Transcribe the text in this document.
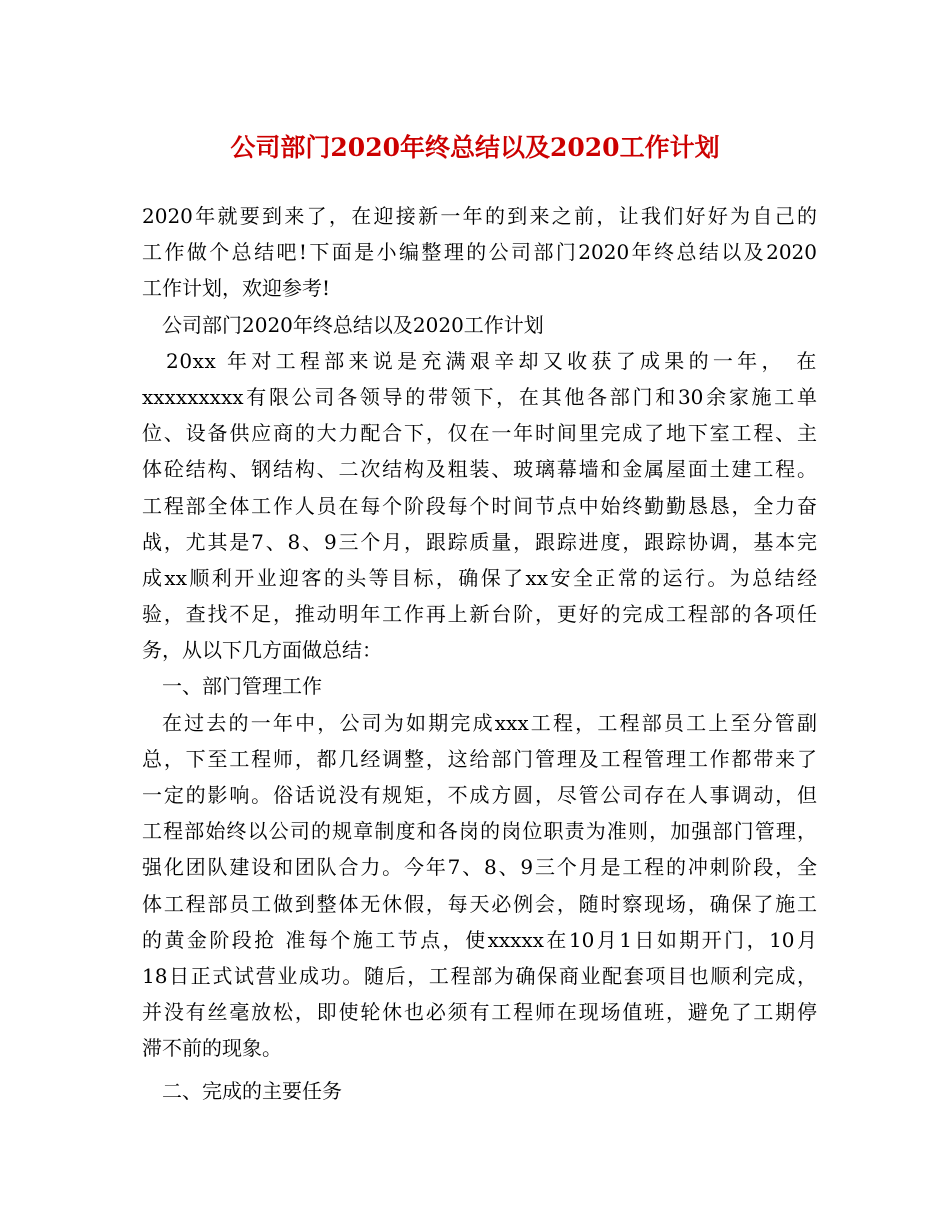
公司部门2020年终总结以及2020工作计划
2020年就要到来了，在迎接新一年的到来之前，让我们好好为自己的
工作做个总结吧!下面是小编整理的公司部门2020年终总结以及2020
工作计划，欢迎参考!
公司部门2020年终总结以及2020工作计划
20xx 年对工程部来说是充满艰辛却又收获了成果的一年， 在
xxxxxxxxx有限公司各领导的带领下，在其他各部门和30余家施工单
位、设备供应商的大力配合下，仅在一年时间里完成了地下室工程、主
体砼结构、钢结构、二次结构及粗装、玻璃幕墙和金属屋面土建工程。
工程部全体工作人员在每个阶段每个时间节点中始终勤勤恳恳，全力奋
战，尤其是7、8、9三个月，跟踪质量，跟踪进度，跟踪协调，基本完
成xx顺利开业迎客的头等目标，确保了xx安全正常的运行。为总结经
验，查找不足，推动明年工作再上新台阶，更好的完成工程部的各项任
务，从以下几方面做总结：
一、部门管理工作
在过去的一年中，公司为如期完成xxx工程，工程部员工上至分管副
总，下至工程师，都几经调整，这给部门管理及工程管理工作都带来了
一定的影响。俗话说没有规矩，不成方圆，尽管公司存在人事调动，但
工程部始终以公司的规章制度和各岗的岗位职责为准则，加强部门管理，
强化团队建设和团队合力。今年7、8、9三个月是工程的冲刺阶段，全
体工程部员工做到整体无休假，每天必例会，随时察现场，确保了施工
的黄金阶段抢 准每个施工节点，使xxxxx在10月1日如期开门，10月
18日正式试营业成功。随后，工程部为确保商业配套项目也顺利完成，
并没有丝毫放松，即使轮休也必须有工程师在现场值班，避免了工期停
滞不前的现象。
二、完成的主要任务
